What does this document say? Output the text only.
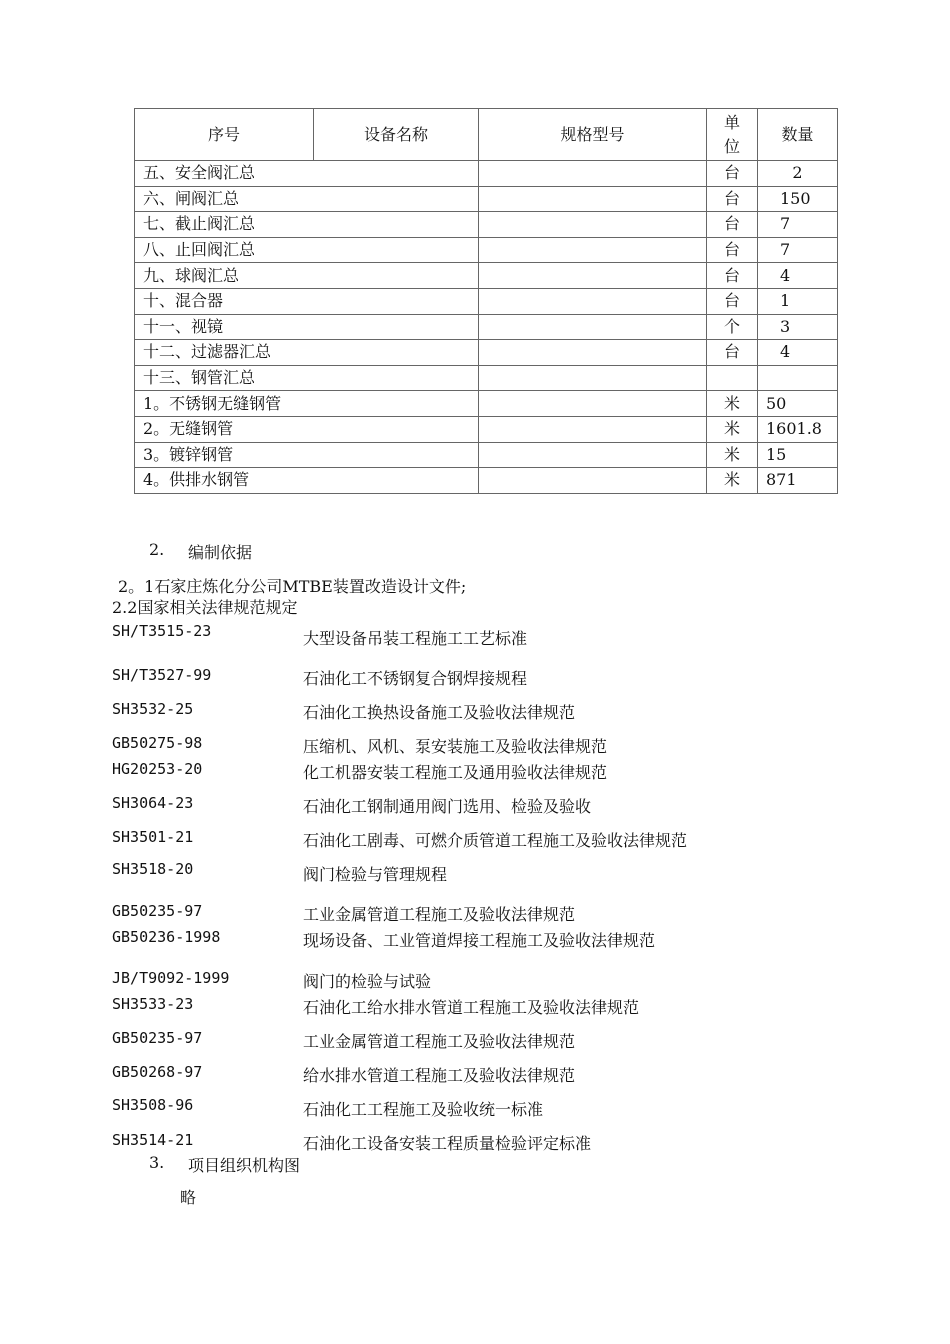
序号	设备名称	规格型号	单位	数量
五、安全阀汇总			台	2
六、闸阀汇总			台	150
七、截止阀汇总			台	7
八、止回阀汇总			台	7
九、球阀汇总			台	4
十、混合器			台	1
十一、视镜			个	3
十二、过滤器汇总			台	4
十三、钢管汇总				
1。不锈钢无缝钢管			米	50
2。无缝钢管			米	1601.8
3。镀锌钢管			米	15
4。供排水钢管			米	871
2. 编制依据
2。1石家庄炼化分公司MTBE装置改造设计文件;
2.2国家相关法律规范规定
SH/T3515-23	大型设备吊装工程施工工艺标准
SH/T3527-99	石油化工不锈钢复合钢焊接规程
SH3532-25	石油化工换热设备施工及验收法律规范
GB50275-98	压缩机、风机、泵安装施工及验收法律规范
HG20253-20	化工机器安装工程施工及通用验收法律规范
SH3064-23	石油化工钢制通用阀门选用、检验及验收
SH3501-21	石油化工剧毒、可燃介质管道工程施工及验收法律规范
SH3518-20	阀门检验与管理规程
GB50235-97	工业金属管道工程施工及验收法律规范
GB50236-1998	现场设备、工业管道焊接工程施工及验收法律规范
JB/T9092-1999	阀门的检验与试验
SH3533-23	石油化工给水排水管道工程施工及验收法律规范
GB50235-97	工业金属管道工程施工及验收法律规范
GB50268-97	给水排水管道工程施工及验收法律规范
SH3508-96	石油化工工程施工及验收统一标准
SH3514-21	石油化工设备安装工程质量检验评定标准
3. 项目组织机构图
略
